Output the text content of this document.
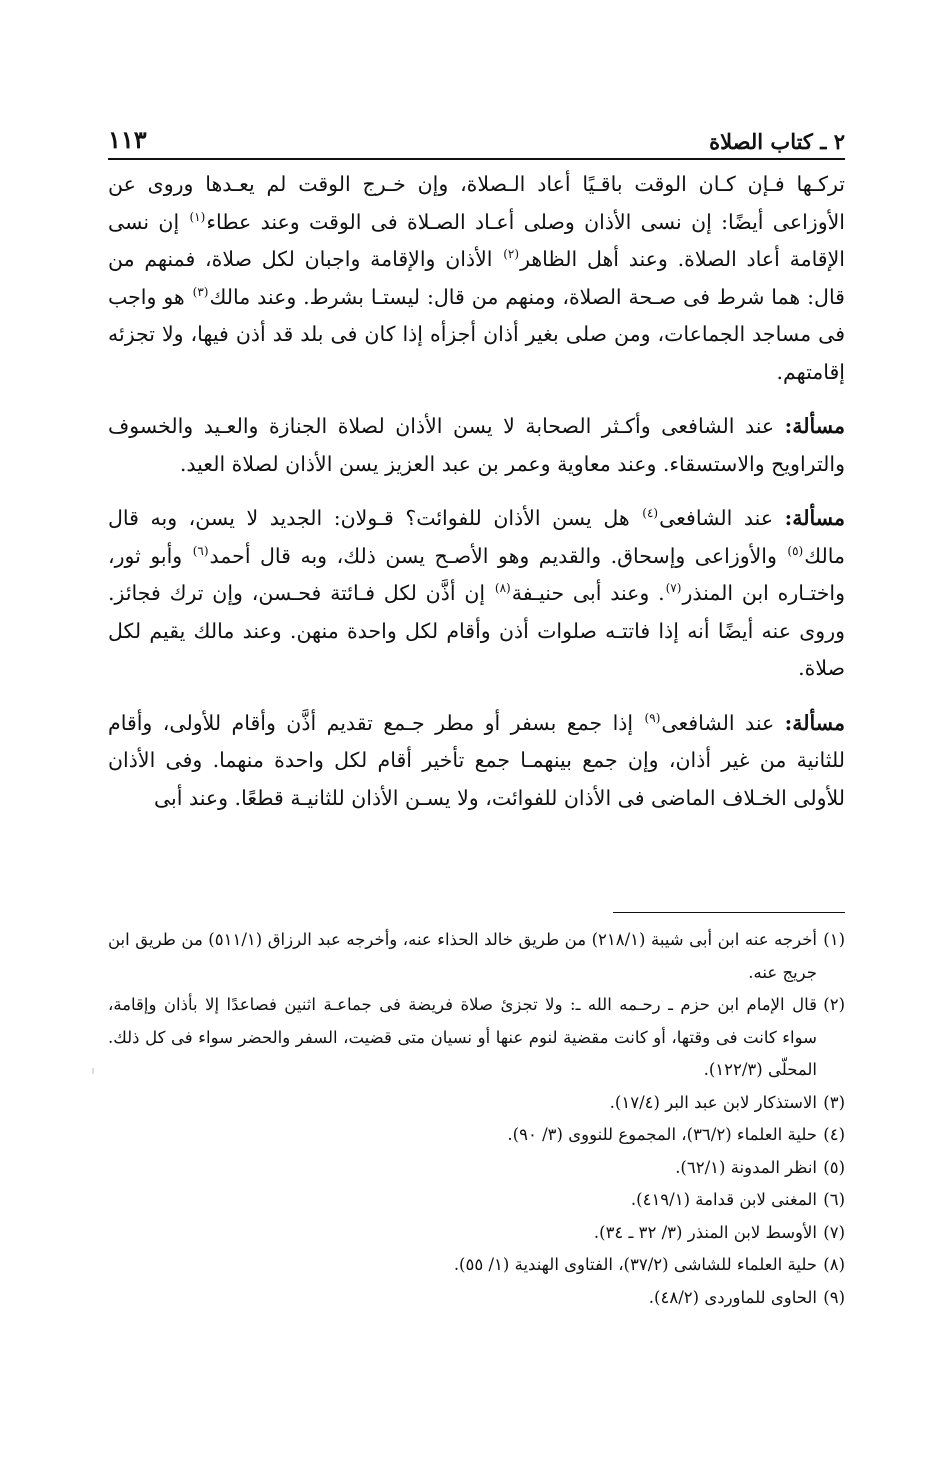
٢ ـ كتاب الصلاة
١١٣

تركـها فـإن كـان الوقت باقـيًا أعاد الـصلاة، وإن خـرج الوقت لم يعـدها وروى عن الأوزاعى أيضًا: إن نسى الأذان وصلى أعـاد الصـلاة فى الوقت وعند عطاء$^{(١)}$ إن نسى الإقامة أعاد الصلاة. وعند أهل الظاهر$^{(٢)}$ الأذان والإقامة واجبان لكل صلاة، فمنهم من قال: هما شرط فى صـحة الصلاة، ومنهم من قال: ليستـا بشرط. وعند مالك$^{(٣)}$ هو واجب فى مساجد الجماعات، ومن صلى بغير أذان أجزأه إذا كان فى بلد قد أذن فيها، ولا تجزئه إقامتهم.

مسألة: عند الشافعى وأكـثر الصحابة لا يسن الأذان لصلاة الجنازة والعـيد والخسوف والتراويح والاستسقاء. وعند معاوية وعمر بن عبد العزيز يسن الأذان لصلاة العيد.

مسألة: عند الشافعى$^{(٤)}$ هل يسن الأذان للفوائت؟ قـولان: الجديد لا يسن، وبه قال مالك$^{(٥)}$ والأوزاعى وإسحاق. والقديم وهو الأصـح يسن ذلك، وبه قال أحمد$^{(٦)}$ وأبو ثور، واختـاره ابن المنذر$^{(٧)}$. وعند أبى حنيـفة$^{(٨)}$ إن أذَّن لكل فـائتة فحـسن، وإن ترك فجائز. وروى عنه أيضًا أنه إذا فاتتـه صلوات أذن وأقام لكل واحدة منهن. وعند مالك يقيم لكل صلاة.

مسألة: عند الشافعى$^{(٩)}$ إذا جمع بسفر أو مطر جـمع تقديم أذَّن وأقام للأولى، وأقام للثانية من غير أذان، وإن جمع بينهمـا جمع تأخير أقام لكل واحدة منهما. وفى الأذان للأولى الخـلاف الماضى فى الأذان للفوائت، ولا يسـن الأذان للثانيـة قطعًا. وعند أبى

(١)
أخرجه عنه ابن أبى شيبة (٢١٨/١) من طريق خالد الحذاء عنه، وأخرجه عبد الرزاق (٥١١/١) من طريق ابن جريج عنه.

(٢)
قال الإمام ابن حزم ـ رحـمه الله ـ: ولا تجزئ صلاة فريضة فى جماعـة اثنين فصاعدًا إلا بأذان وإقامة، سواء كانت فى وقتها، أو كانت مقضية لنوم عنها أو نسيان متى قضيت، السفر والحضر سواء فى كل ذلك. المحلّى (١٢٢/٣).

(٣)
الاستذكار لابن عبد البر (١٧/٤).

(٤)
حلية العلماء (٣٦/٢)، المجموع للنووى (٣/ ٩٠).

(٥)
انظر المدونة (٦٢/١).

(٦)
المغنى لابن قدامة (٤١٩/١).

(٧)
الأوسط لابن المنذر (٣/ ٣٢ ـ ٣٤).

(٨)
حلية العلماء للشاشى (٣٧/٢)، الفتاوى الهندية (١/ ٥٥).

(٩)
الحاوى للماوردى (٤٨/٢).
